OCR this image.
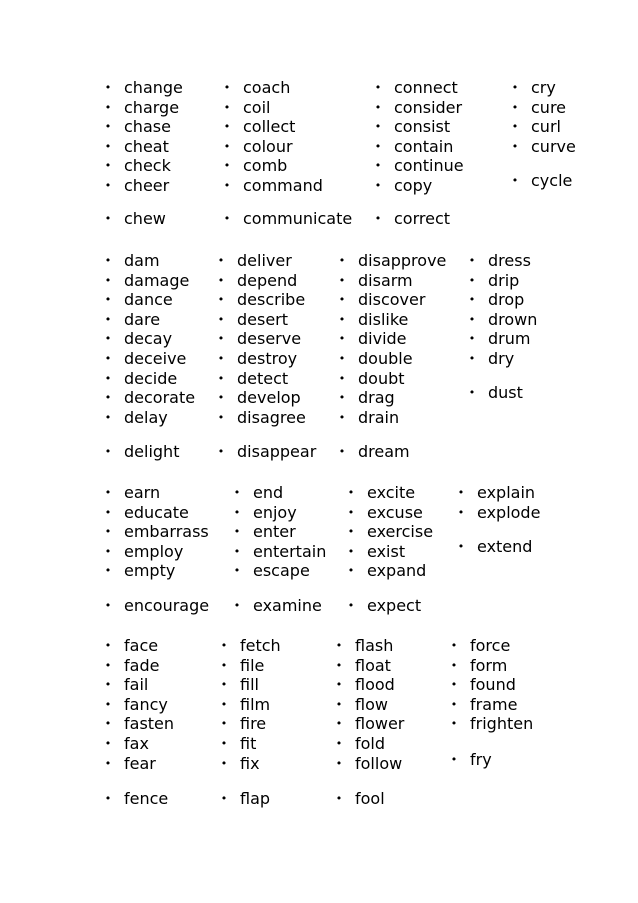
• change
• charge
• chase
• cheat
• check
• cheer
• chew
• coach
• coil
• collect
• colour
• comb
• command
• communicate
• connect
• consider
• consist
• contain
• continue
• copy
• correct
• cry
• cure
• curl
• curve
• cycle
• dam
• damage
• dance
• dare
• decay
• deceive
• decide
• decorate
• delay
• delight
• deliver
• depend
• describe
• desert
• deserve
• destroy
• detect
• develop
• disagree
• disappear
• disapprove
• disarm
• discover
• dislike
• divide
• double
• doubt
• drag
• drain
• dream
• dress
• drip
• drop
• drown
• drum
• dry
• dust
• earn
• educate
• embarrass
• employ
• empty
• encourage
• end
• enjoy
• enter
• entertain
• escape
• examine
• excite
• excuse
• exercise
• exist
• expand
• expect
• explain
• explode
• extend
• face
• fade
• fail
• fancy
• fasten
• fax
• fear
• fence
• fetch
• file
• fill
• film
• fire
• fit
• fix
• flap
• flash
• float
• flood
• flow
• flower
• fold
• follow
• fool
• force
• form
• found
• frame
• frighten
• fry
